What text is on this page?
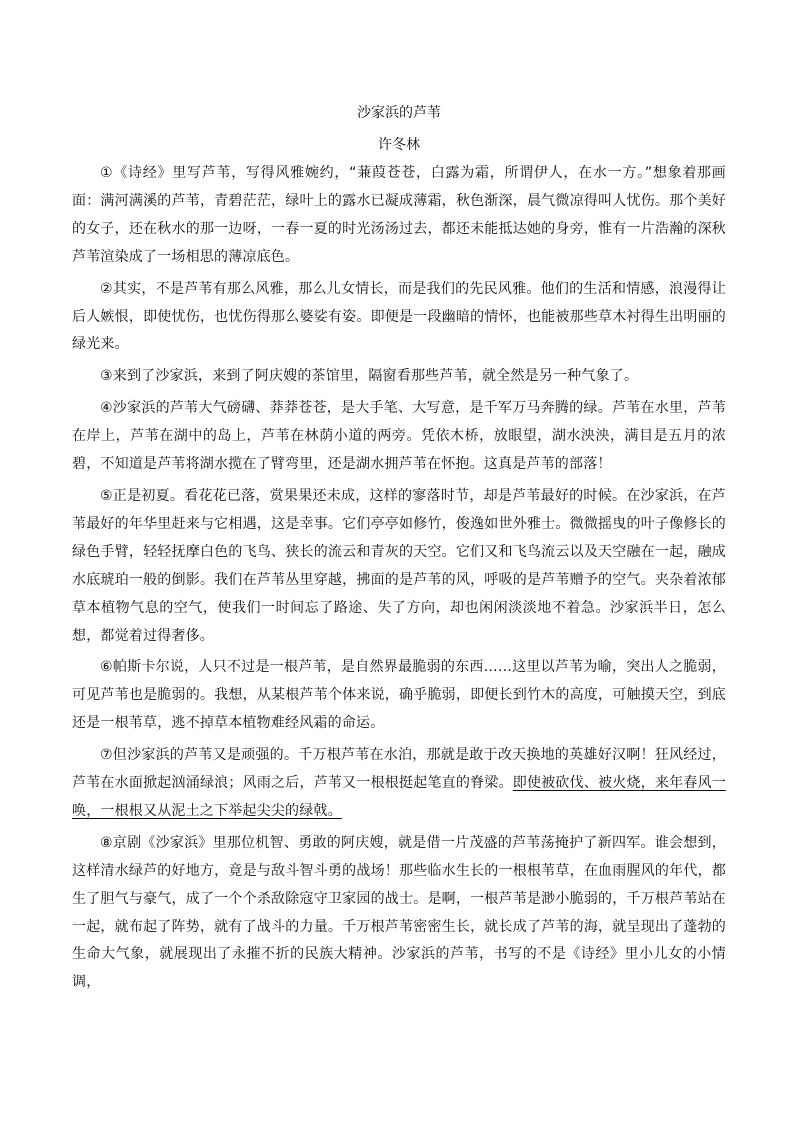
沙家浜的芦苇

许冬林

①《诗经》里写芦苇，写得风雅婉约，“蒹葭苍苍，白露为霜，所谓伊人，在水一方。”想象着那画面：满河满溪的芦苇，青碧茫茫，绿叶上的露水已凝成薄霜，秋色渐深，晨气微凉得叫人忧伤。那个美好的女子，还在秋水的那一边呀，一春一夏的时光汤汤过去，都还未能抵达她的身旁，惟有一片浩瀚的深秋芦苇渲染成了一场相思的薄凉底色。

②其实，不是芦苇有那么风雅，那么儿女情长，而是我们的先民风雅。他们的生活和情感，浪漫得让后人嫉恨，即使忧伤，也忧伤得那么婆娑有姿。即便是一段幽暗的情怀，也能被那些草木衬得生出明丽的绿光来。

③来到了沙家浜，来到了阿庆嫂的茶馆里，隔窗看那些芦苇，就全然是另一种气象了。

④沙家浜的芦苇大气磅礴、莽莽苍苍，是大手笔、大写意，是千军万马奔腾的绿。芦苇在水里，芦苇在岸上，芦苇在湖中的岛上，芦苇在林荫小道的两旁。凭依木桥，放眼望，湖水泱泱，满目是五月的浓碧，不知道是芦苇将湖水揽在了臂弯里，还是湖水拥芦苇在怀抱。这真是芦苇的部落！

⑤正是初夏。看花花已落，赏果果还未成，这样的寥落时节，却是芦苇最好的时候。在沙家浜，在芦苇最好的年华里赶来与它相遇，这是幸事。它们亭亭如修竹，俊逸如世外雅士。微微摇曳的叶子像修长的绿色手臂，轻轻抚摩白色的飞鸟、狭长的流云和青灰的天空。它们又和飞鸟流云以及天空融在一起，融成水底琥珀一般的倒影。我们在芦苇丛里穿越，拂面的是芦苇的风，呼吸的是芦苇赠予的空气。夹杂着浓郁草本植物气息的空气，使我们一时间忘了路途、失了方向，却也闲闲淡淡地不着急。沙家浜半日，怎么想，都觉着过得奢侈。

⑥帕斯卡尔说，人只不过是一根芦苇，是自然界最脆弱的东西……这里以芦苇为喻，突出人之脆弱，可见芦苇也是脆弱的。我想，从某根芦苇个体来说，确乎脆弱，即便长到竹木的高度，可触摸天空，到底还是一根苇草，逃不掉草本植物难经风霜的命运。

⑦但沙家浜的芦苇又是顽强的。千万根芦苇在水泊，那就是敢于改天换地的英雄好汉啊！狂风经过，芦苇在水面掀起汹涌绿浪；风雨之后，芦苇又一根根挺起笔直的脊梁。即使被砍伐、被火烧，来年春风一唤，一根根又从泥土之下举起尖尖的绿戟。

⑧京剧《沙家浜》里那位机智、勇敢的阿庆嫂，就是借一片茂盛的芦苇荡掩护了新四军。谁会想到，这样清水绿芦的好地方，竟是与敌斗智斗勇的战场！那些临水生长的一根根苇草，在血雨腥风的年代，都生了胆气与豪气，成了一个个杀敌除寇守卫家园的战士。是啊，一根芦苇是渺小脆弱的，千万根芦苇站在一起，就布起了阵势，就有了战斗的力量。千万根芦苇密密生长，就长成了芦苇的海，就呈现出了蓬勃的生命大气象，就展现出了永摧不折的民族大精神。沙家浜的芦苇，书写的不是《诗经》里小儿女的小情调，
